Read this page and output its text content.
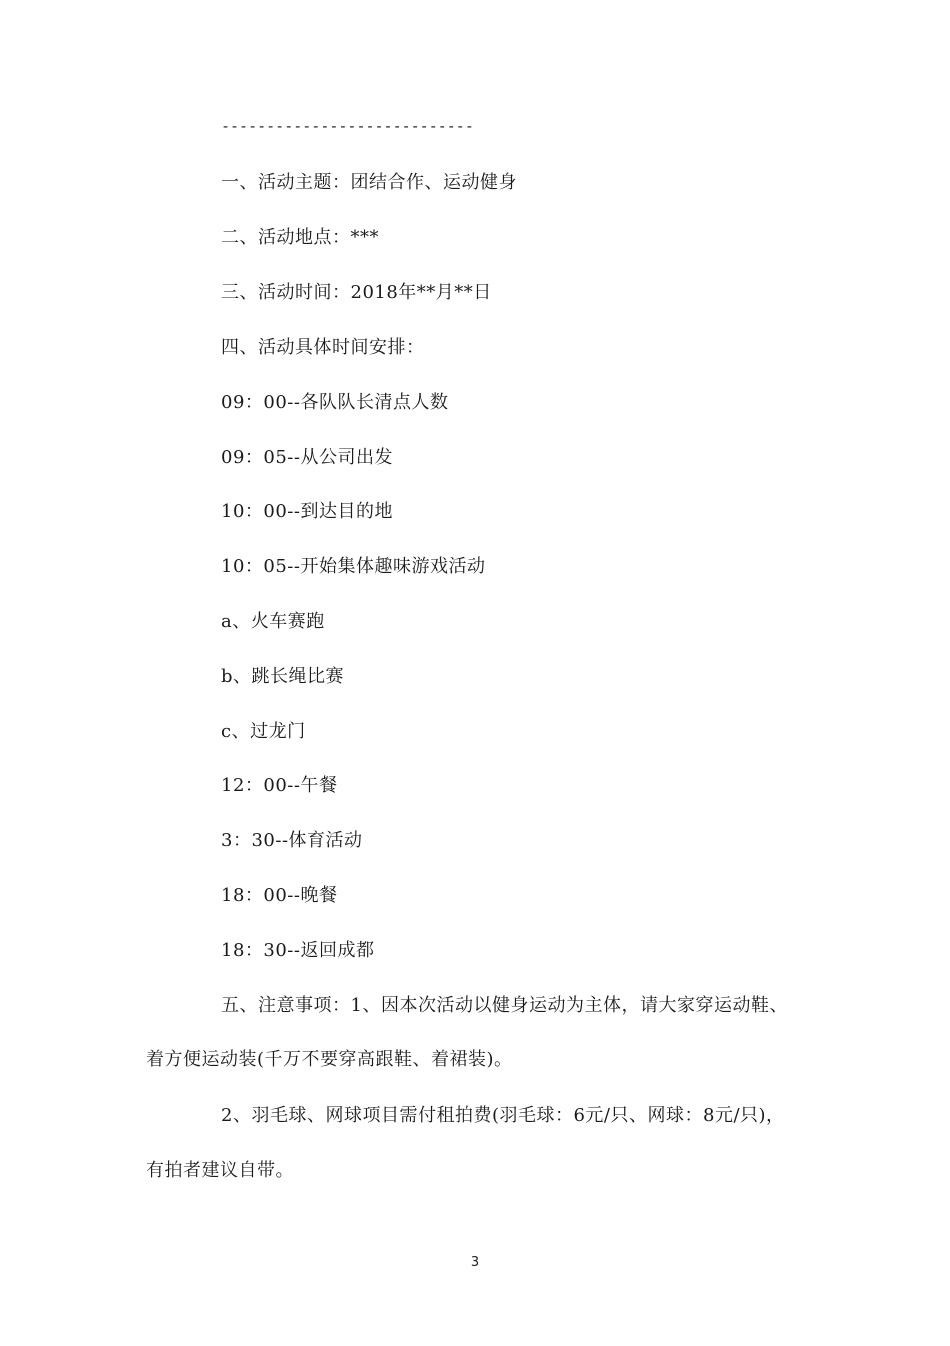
----------------------------
一、活动主题：团结合作、运动健身
二、活动地点：***
三、活动时间：2018年**月**日
四、活动具体时间安排：
09：00--各队队长清点人数
09：05--从公司出发
10：00--到达目的地
10：05--开始集体趣味游戏活动
a、火车赛跑
b、跳长绳比赛
c、过龙门
12：00--午餐
3：30--体育活动
18：00--晚餐
18：30--返回成都
五、注意事项：1、因本次活动以健身运动为主体，请大家穿运动鞋、
着方便运动装(千万不要穿高跟鞋、着裙装)。
2、羽毛球、网球项目需付租拍费(羽毛球：6元/只、网球：8元/只)，
有拍者建议自带。
3
